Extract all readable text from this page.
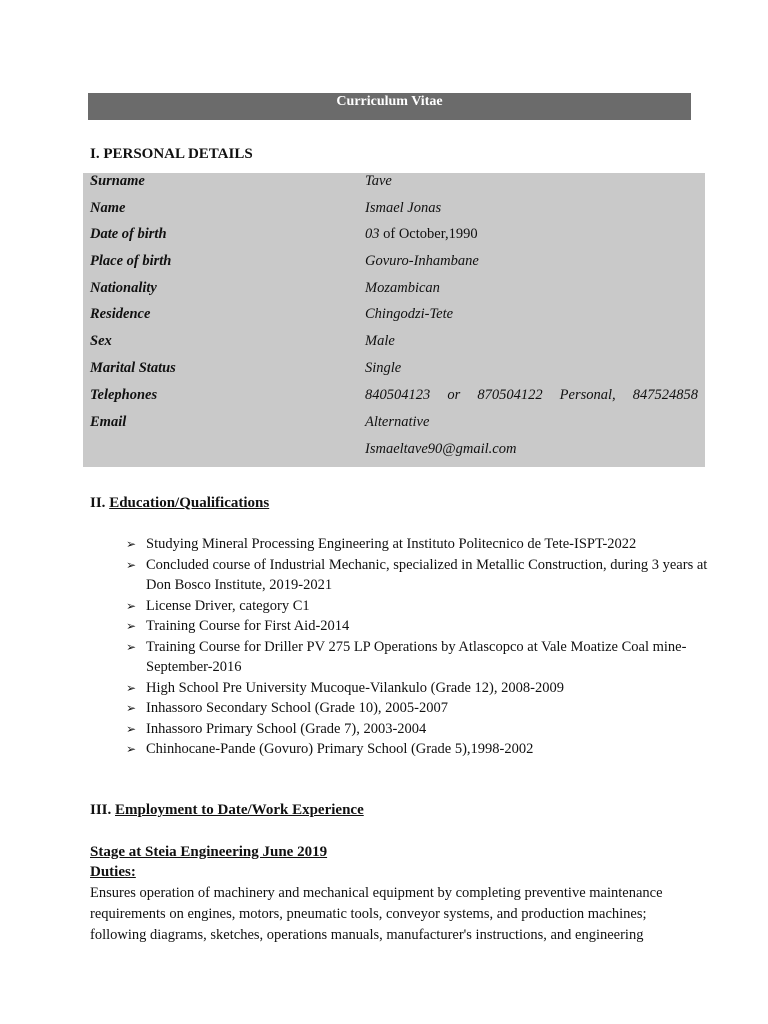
Curriculum Vitae
I. PERSONAL DETAILS
Surname	Tave
Name	Ismael Jonas
Date of birth	03 of October,1990
Place of birth	Govuro-Inhambane
Nationality	Mozambican
Residence	Chingodzi-Tete
Sex	Male
Marital Status	Single
Telephones	840504123 or 870504122 Personal, 847524858
Email	Alternative
Ismaeltave90@gmail.com
II. Education/Qualifications
➢ Studying Mineral Processing Engineering at Instituto Politecnico de Tete-ISPT-2022
➢ Concluded course of Industrial Mechanic, specialized in Metallic Construction, during 3 years at Don Bosco Institute, 2019-2021
➢ License Driver, category C1
➢ Training Course for First Aid-2014
➢ Training Course for Driller PV 275 LP Operations by Atlascopco at Vale Moatize Coal mine-September-2016
➢ High School Pre University Mucoque-Vilankulo (Grade 12), 2008-2009
➢ Inhassoro Secondary School (Grade 10), 2005-2007
➢ Inhassoro Primary School (Grade 7), 2003-2004
➢ Chinhocane-Pande (Govuro) Primary School (Grade 5),1998-2002
III. Employment to Date/Work Experience
Stage at Steia Engineering June 2019
Duties:
Ensures operation of machinery and mechanical equipment by completing preventive maintenance requirements on engines, motors, pneumatic tools, conveyor systems, and production machines; following diagrams, sketches, operations manuals, manufacturer's instructions, and engineering
